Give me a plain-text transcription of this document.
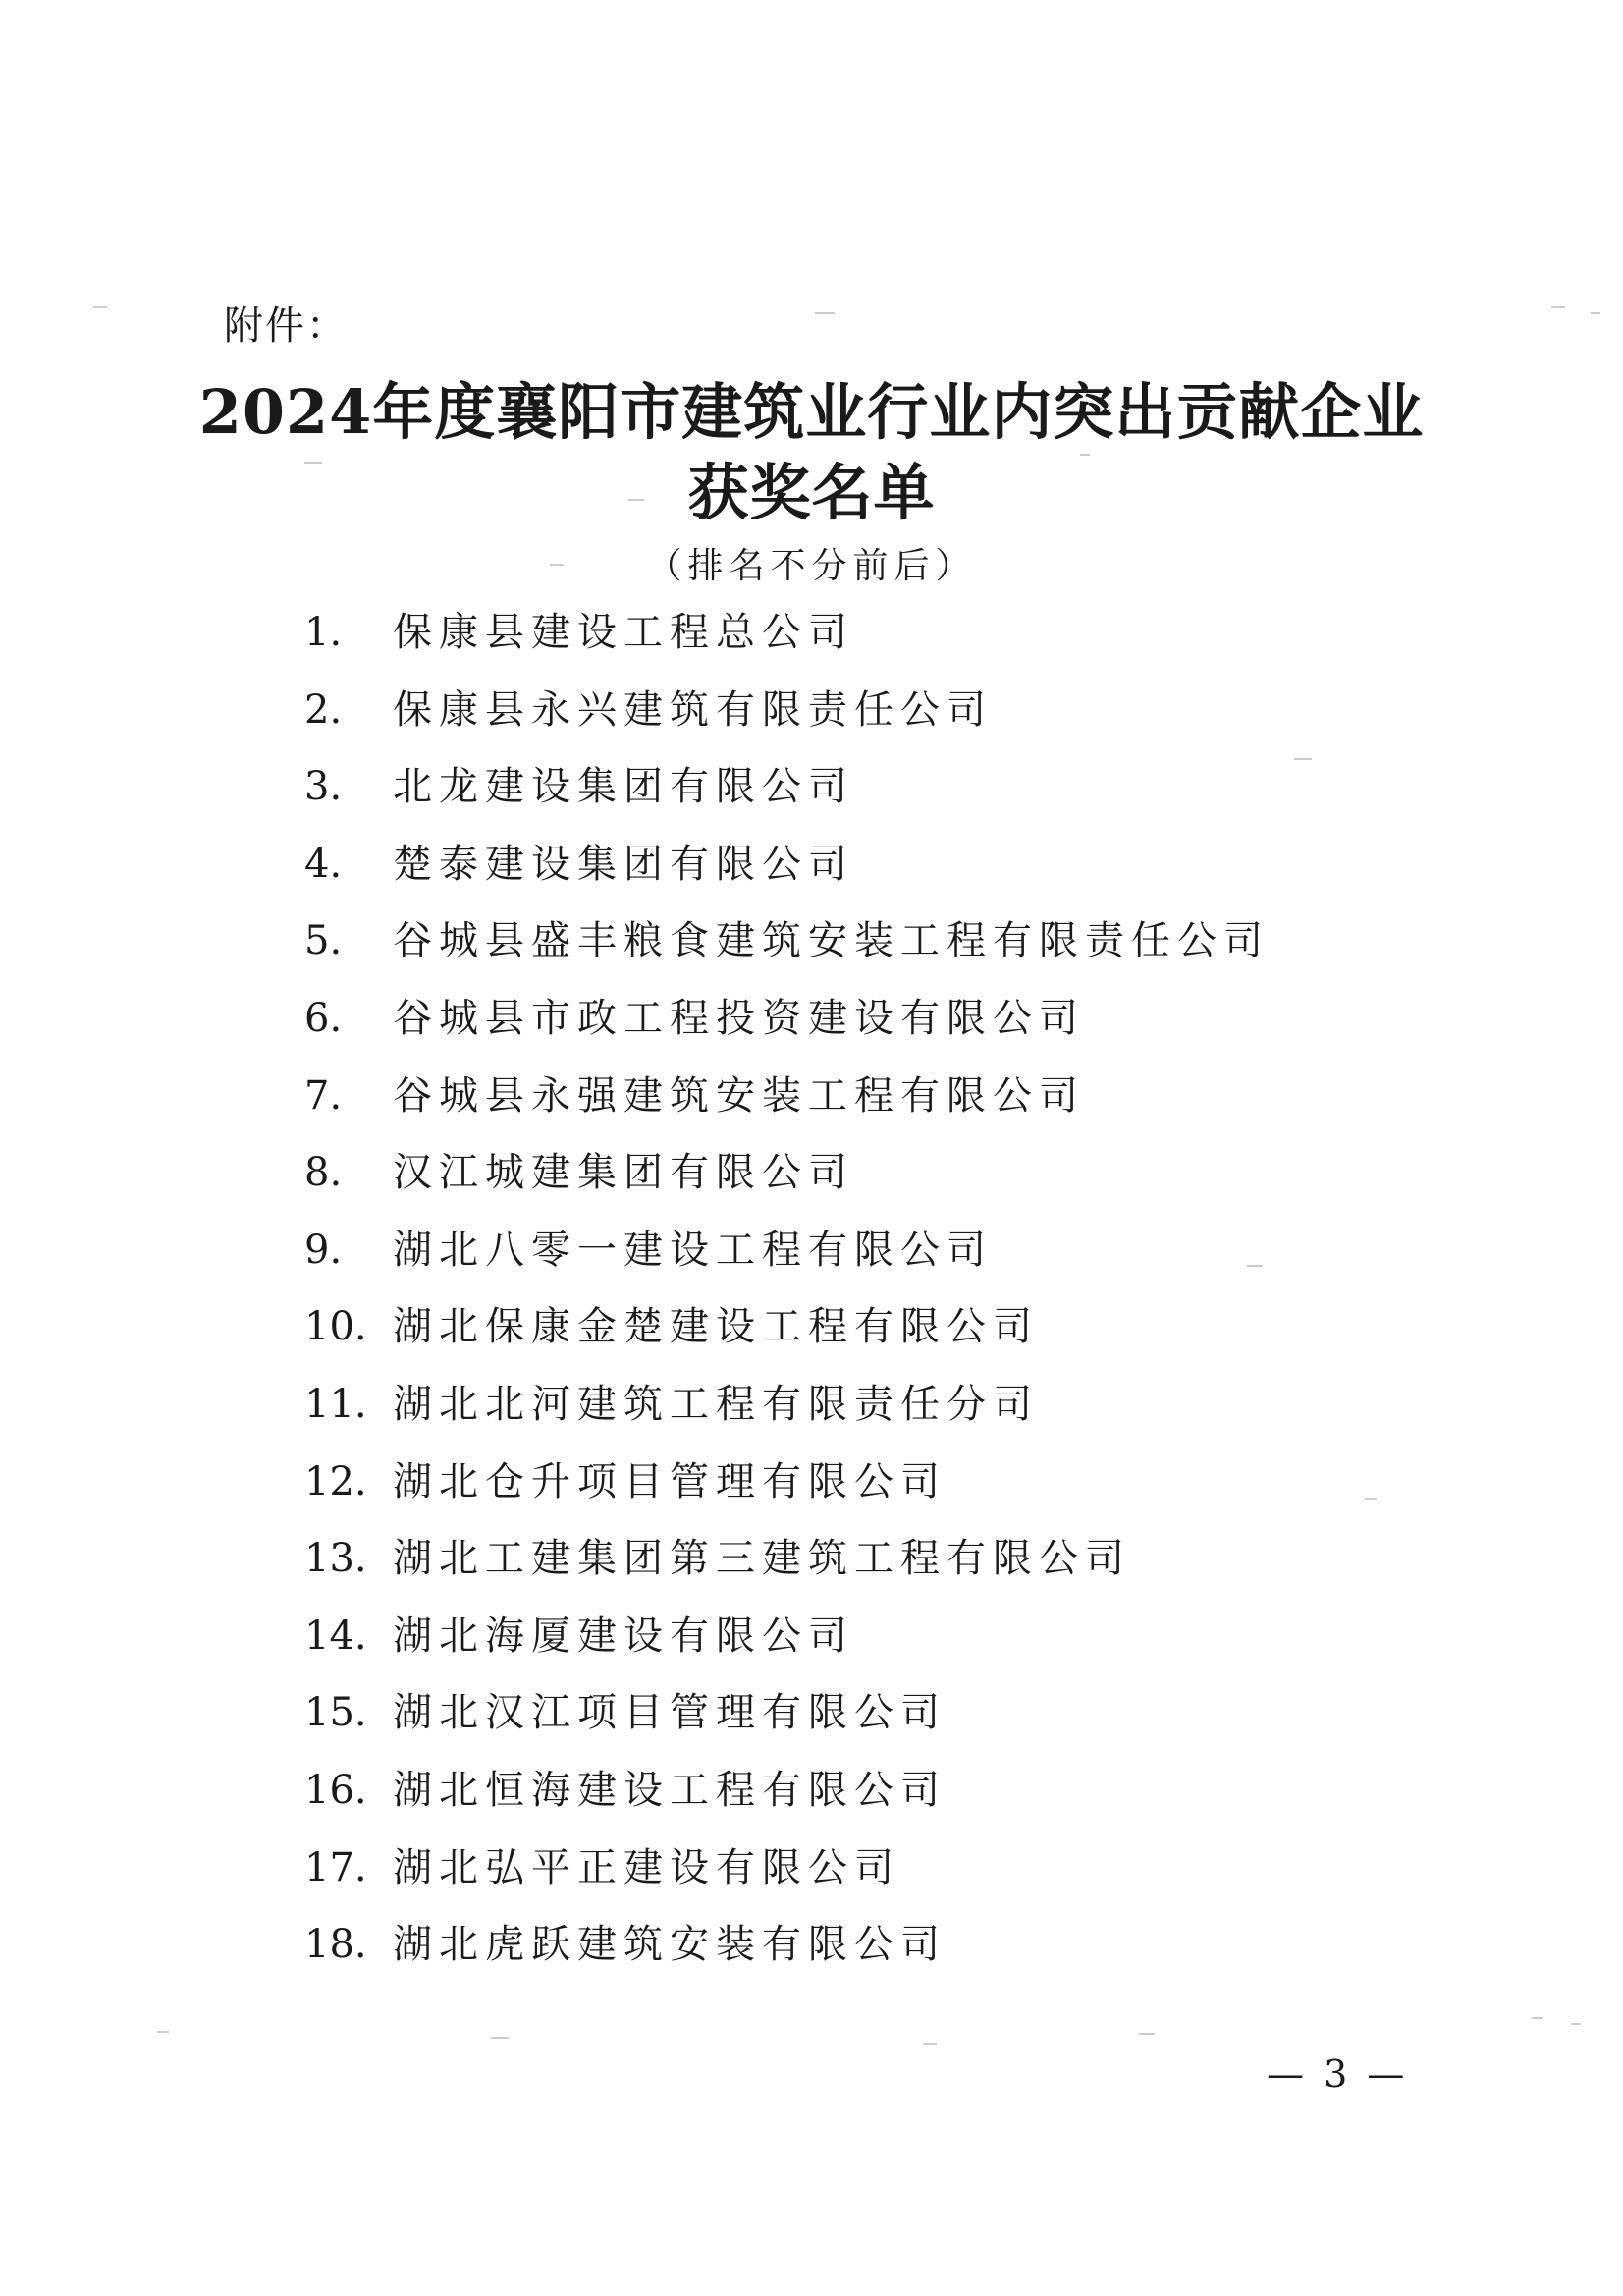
附件：
2024年度襄阳市建筑业行业内突出贡献企业
获奖名单
（排名不分前后）
1.	保康县建设工程总公司
2.	保康县永兴建筑有限责任公司
3.	北龙建设集团有限公司
4.	楚泰建设集团有限公司
5.	谷城县盛丰粮食建筑安装工程有限责任公司
6.	谷城县市政工程投资建设有限公司
7.	谷城县永强建筑安装工程有限公司
8.	汉江城建集团有限公司
9.	湖北八零一建设工程有限公司
10. 湖北保康金楚建设工程有限公司
11. 湖北北河建筑工程有限责任分司
12. 湖北仓升项目管理有限公司
13. 湖北工建集团第三建筑工程有限公司
14. 湖北海厦建设有限公司
15. 湖北汉江项目管理有限公司
16. 湖北恒海建设工程有限公司
17. 湖北弘平正建设有限公司
18. 湖北虎跃建筑安装有限公司
— 3 —
